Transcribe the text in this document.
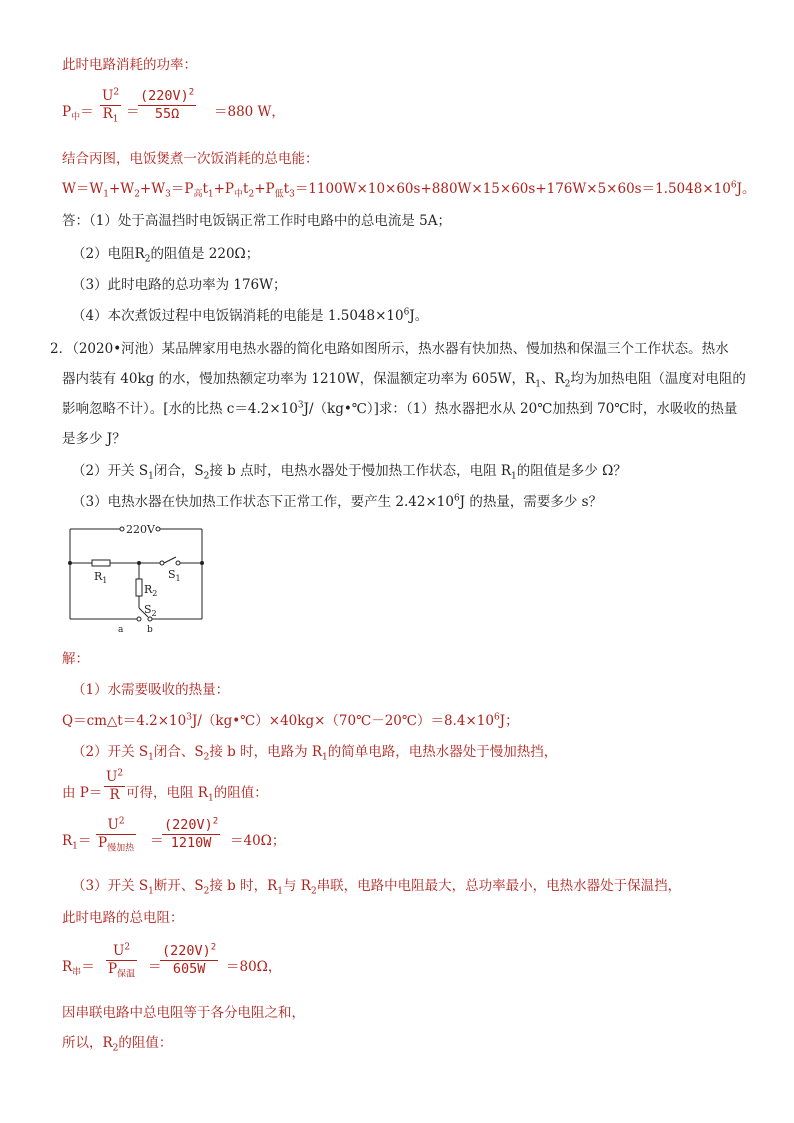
此时电路消耗的功率：
$P_中= \frac{U^2}{R_1}$ ＝
$\frac{(220V)^2}{55\Omega} =880$ W，
结合丙图，电饭煲煮一次饭消耗的总电能：
$W=W_1+W_2+W_3=P_高t_1+P_中t_2+P_低t_3=1100W\times 10\times 60s+880W\times 15\times 60s+176W\times 5\times 60s=1.5048\times 10^6J$。
答：（1）处于高温挡时电饭锅正常工作时电路中的总电流是 5A；
（2）电阻$R_2$的阻值是 220Ω；
（3）此时电路的总功率为 176W；
（4）本次煮饭过程中电饭锅消耗的电能是 $1.5048\times 10^6J$。
2．（2020•河池）某品牌家用电热水器的简化电路如图所示，热水器有快加热、慢加热和保温三个工作状态。热水
器内装有 40kg 的水，慢加热额定功率为 1210W，保温额定功率为 605W，$R_1$、$R_2$均为加热电阻（温度对电阻的
影响忽略不计）。[水的比热 $c=4.2\times 10^3J/(kg•℃)$]求：（1）热水器把水从 20℃加热到 70℃时，水吸收的热量
是多少 J？
（2）开关 $S_1$闭合，$S_2$接 b 点时，电热水器处于慢加热工作状态，电阻 $R_1$的阻值是多少 Ω？
（3）电热水器在快加热工作状态下正常工作，要产生 $2.42\times 10^6J$ 的热量，需要多少 s？
220V
$R_1$	$S_1$
$R_2$
$S_2$
a	b
解：
（1）水需要吸收的热量：
$Q=cm\triangle t=4.2\times 10^3J/(kg•℃)\times 40kg\times(70℃-20℃)=8.4\times 10^6J$；
（2）开关 $S_1$闭合、$S_2$接 b 时，电路为 $R_1$的简单电路，电热水器处于慢加热挡，
由 $P= \frac{U^2}{R}$ 可得，电阻 $R_1$的阻值：
$R_1=$
$U^2$
$P_{慢加热}$ ＝
$\frac{(220V)^2}{1210W} =40\Omega$；
（3）开关 $S_1$断开、$S_2$接 b 时，$R_1$与 $R_2$串联，电路中电阻最大，总功率最小，电热水器处于保温挡，
此时电路的总电阻：
$R_串=$
$U^2$
$P_{保温}$ ＝
$\frac{(220V)^2}{605W} =80\Omega$，
因串联电路中总电阻等于各分电阻之和，
所以，$R_2$的阻值：
